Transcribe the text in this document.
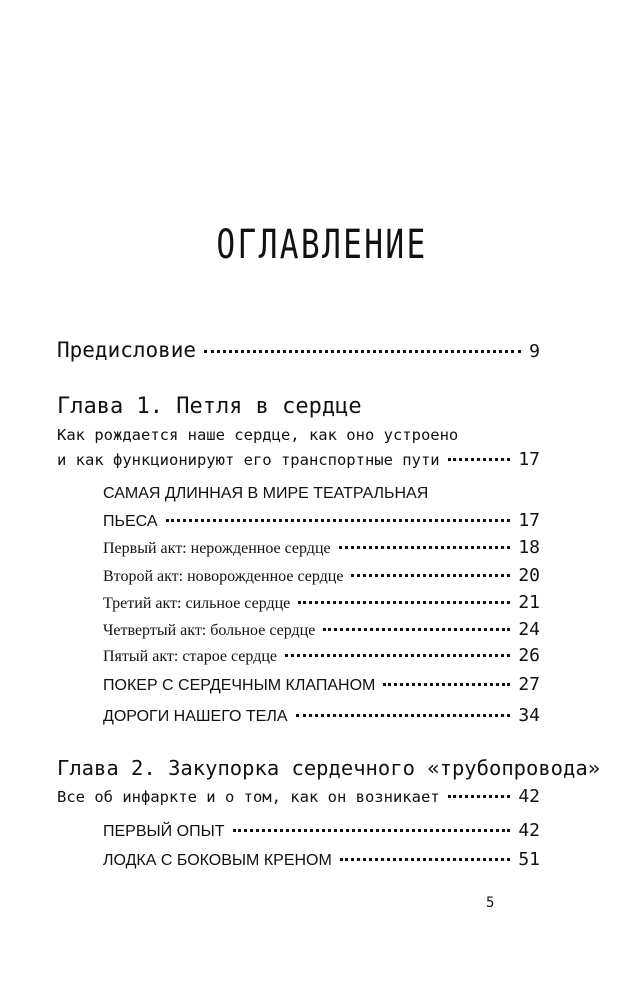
ОГЛАВЛЕНИЕ
Предисловие	9
Глава 1. Петля в сердце
Как рождается наше сердце, как оно устроено
и как функционируют его транспортные пути	17
САМАЯ ДЛИННАЯ В МИРЕ ТЕАТРАЛЬНАЯ
ПЬЕСА	17
Первый акт: нерожденное сердце	18
Второй акт: новорожденное сердце	20
Третий акт: сильное сердце	21
Четвертый акт: больное сердце	24
Пятый акт: старое сердце	26
ПОКЕР С СЕРДЕЧНЫМ КЛАПАНОМ	27
ДОРОГИ НАШЕГО ТЕЛА	34
Глава 2. Закупорка сердечного «трубопровода»
Все об инфаркте и о том, как он возникает	42
ПЕРВЫЙ ОПЫТ	42
ЛОДКА С БОКОВЫМ КРЕНОМ	51
5
